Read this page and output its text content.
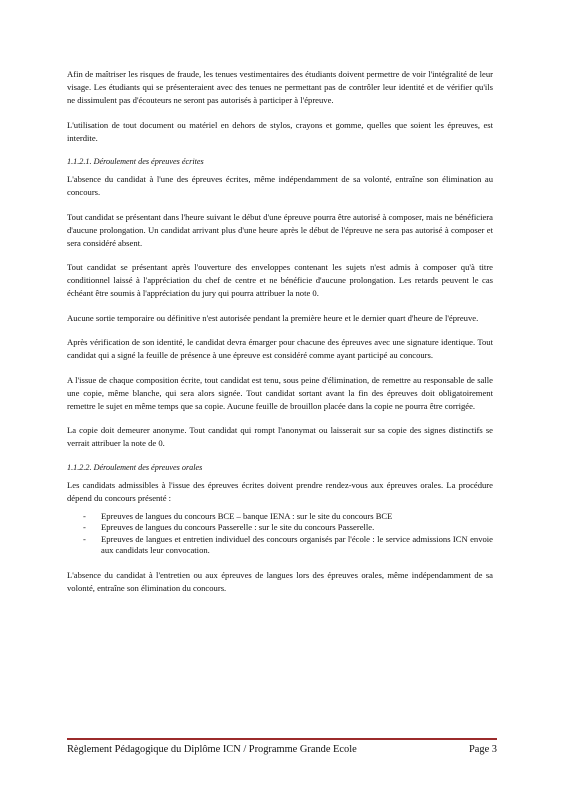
Afin de maîtriser les risques de fraude, les tenues vestimentaires des étudiants doivent permettre de voir l'intégralité de leur visage. Les étudiants qui se présenteraient avec des tenues ne permettant pas de contrôler leur identité et de vérifier qu'ils ne dissimulent pas d'écouteurs ne seront pas autorisés à participer à l'épreuve.

L'utilisation de tout document ou matériel en dehors de stylos, crayons et gomme, quelles que soient les épreuves, est interdite.

1.1.2.1. Déroulement des épreuves écrites

L'absence du candidat à l'une des épreuves écrites, même indépendamment de sa volonté, entraîne son élimination au concours.

Tout candidat se présentant dans l'heure suivant le début d'une épreuve pourra être autorisé à composer, mais ne bénéficiera d'aucune prolongation. Un candidat arrivant plus d'une heure après le début de l'épreuve ne sera pas autorisé à composer et sera considéré absent.

Tout candidat se présentant après l'ouverture des enveloppes contenant les sujets n'est admis à composer qu'à titre conditionnel laissé à l'appréciation du chef de centre et ne bénéficie d'aucune prolongation. Les retards peuvent le cas échéant être soumis à l'appréciation du jury qui pourra attribuer la note 0.

Aucune sortie temporaire ou définitive n'est autorisée pendant la première heure et le dernier quart d'heure de l'épreuve.

Après vérification de son identité, le candidat devra émarger pour chacune des épreuves avec une signature identique. Tout candidat qui a signé la feuille de présence à une épreuve est considéré comme ayant participé au concours.

A l'issue de chaque composition écrite, tout candidat est tenu, sous peine d'élimination, de remettre au responsable de salle une copie, même blanche, qui sera alors signée. Tout candidat sortant avant la fin des épreuves doit obligatoirement remettre le sujet en même temps que sa copie. Aucune feuille de brouillon placée dans la copie ne pourra être corrigée.

La copie doit demeurer anonyme. Tout candidat qui rompt l'anonymat ou laisserait sur sa copie des signes distinctifs se verrait attribuer la note de 0.

1.1.2.2. Déroulement des épreuves orales

Les candidats admissibles à l'issue des épreuves écrites doivent prendre rendez-vous aux épreuves orales. La procédure dépend du concours présenté :

- Epreuves de langues du concours BCE – banque IENA : sur le site du concours BCE
- Epreuves de langues du concours Passerelle : sur le site du concours Passerelle.
- Epreuves de langues et entretien individuel des concours organisés par l'école : le service admissions ICN envoie aux candidats leur convocation.

L'absence du candidat à l'entretien ou aux épreuves de langues lors des épreuves orales, même indépendamment de sa volonté, entraîne son élimination du concours.

Règlement Pédagogique du Diplôme ICN / Programme Grande Ecole	Page 3
